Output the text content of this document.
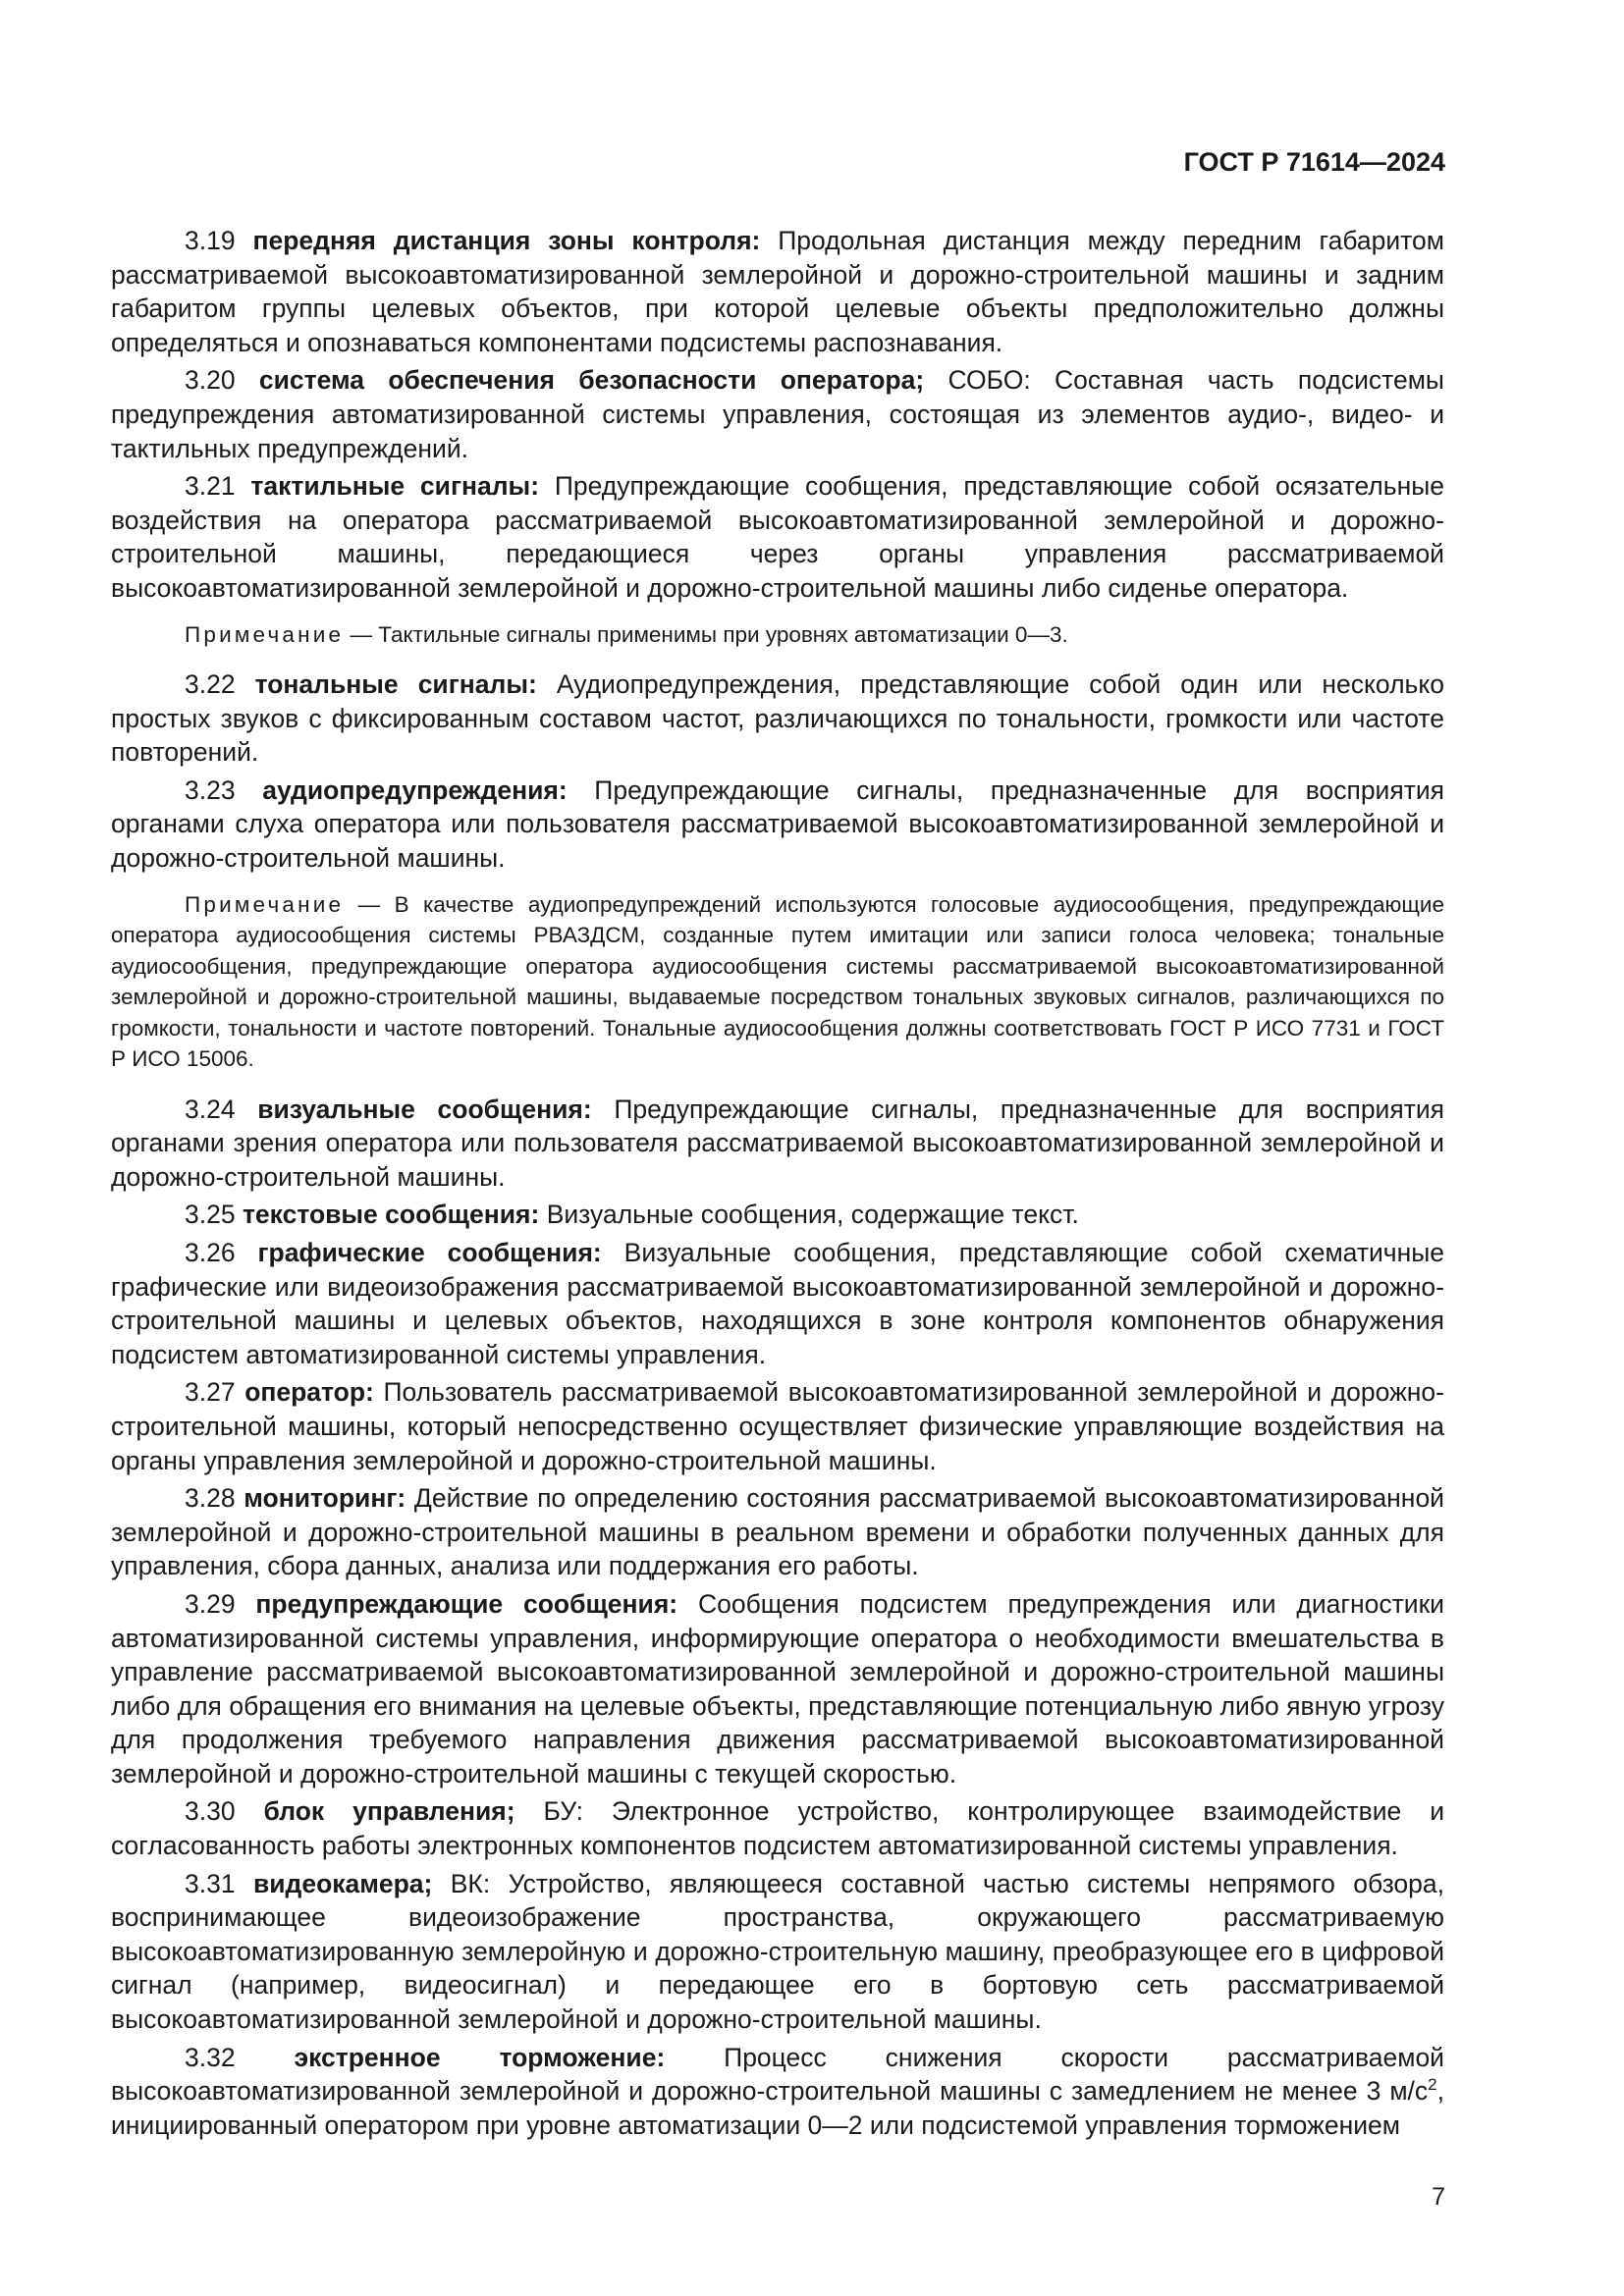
ГОСТ Р 71614—2024

3.19 передняя дистанция зоны контроля: Продольная дистанция между передним габаритом рассматриваемой высокоавтоматизированной землеройной и дорожно-строительной машины и задним габаритом группы целевых объектов, при которой целевые объекты предположительно должны определяться и опознаваться компонентами подсистемы распознавания.

3.20 система обеспечения безопасности оператора; СОБО: Составная часть подсистемы предупреждения автоматизированной системы управления, состоящая из элементов аудио-, видео- и тактильных предупреждений.

3.21 тактильные сигналы: Предупреждающие сообщения, представляющие собой осязательные воздействия на оператора рассматриваемой высокоавтоматизированной землеройной и дорожно-строительной машины, передающиеся через органы управления рассматриваемой высокоавтоматизированной землеройной и дорожно-строительной машины либо сиденье оператора.

Примечание — Тактильные сигналы применимы при уровнях автоматизации 0—3.

3.22 тональные сигналы: Аудиопредупреждения, представляющие собой один или несколько простых звуков с фиксированным составом частот, различающихся по тональности, громкости или частоте повторений.

3.23 аудиопредупреждения: Предупреждающие сигналы, предназначенные для восприятия органами слуха оператора или пользователя рассматриваемой высокоавтоматизированной землеройной и дорожно-строительной машины.

Примечание — В качестве аудиопредупреждений используются голосовые аудиосообщения, предупреждающие оператора аудиосообщения системы РВАЗДСМ, созданные путем имитации или записи голоса человека; тональные аудиосообщения, предупреждающие оператора аудиосообщения системы рассматриваемой высокоавтоматизированной землеройной и дорожно-строительной машины, выдаваемые посредством тональных звуковых сигналов, различающихся по громкости, тональности и частоте повторений. Тональные аудиосообщения должны соответствовать ГОСТ Р ИСО 7731 и ГОСТ Р ИСО 15006.

3.24 визуальные сообщения: Предупреждающие сигналы, предназначенные для восприятия органами зрения оператора или пользователя рассматриваемой высокоавтоматизированной землеройной и дорожно-строительной машины.

3.25 текстовые сообщения: Визуальные сообщения, содержащие текст.

3.26 графические сообщения: Визуальные сообщения, представляющие собой схематичные графические или видеоизображения рассматриваемой высокоавтоматизированной землеройной и дорожно-строительной машины и целевых объектов, находящихся в зоне контроля компонентов обнаружения подсистем автоматизированной системы управления.

3.27 оператор: Пользователь рассматриваемой высокоавтоматизированной землеройной и дорожно-строительной машины, который непосредственно осуществляет физические управляющие воздействия на органы управления землеройной и дорожно-строительной машины.

3.28 мониторинг: Действие по определению состояния рассматриваемой высокоавтоматизированной землеройной и дорожно-строительной машины в реальном времени и обработки полученных данных для управления, сбора данных, анализа или поддержания его работы.

3.29 предупреждающие сообщения: Сообщения подсистем предупреждения или диагностики автоматизированной системы управления, информирующие оператора о необходимости вмешательства в управление рассматриваемой высокоавтоматизированной землеройной и дорожно-строительной машины либо для обращения его внимания на целевые объекты, представляющие потенциальную либо явную угрозу для продолжения требуемого направления движения рассматриваемой высокоавтоматизированной землеройной и дорожно-строительной машины с текущей скоростью.

3.30 блок управления; БУ: Электронное устройство, контролирующее взаимодействие и согласованность работы электронных компонентов подсистем автоматизированной системы управления.

3.31 видеокамера; ВК: Устройство, являющееся составной частью системы непрямого обзора, воспринимающее видеоизображение пространства, окружающего рассматриваемую высокоавтоматизированную землеройную и дорожно-строительную машину, преобразующее его в цифровой сигнал (например, видеосигнал) и передающее его в бортовую сеть рассматриваемой высокоавтоматизированной землеройной и дорожно-строительной машины.

3.32 экстренное торможение: Процесс снижения скорости рассматриваемой высокоавтоматизированной землеройной и дорожно-строительной машины с замедлением не менее 3 $м/с^2$, инициированный оператором при уровне автоматизации 0—2 или подсистемой управления торможением

7
